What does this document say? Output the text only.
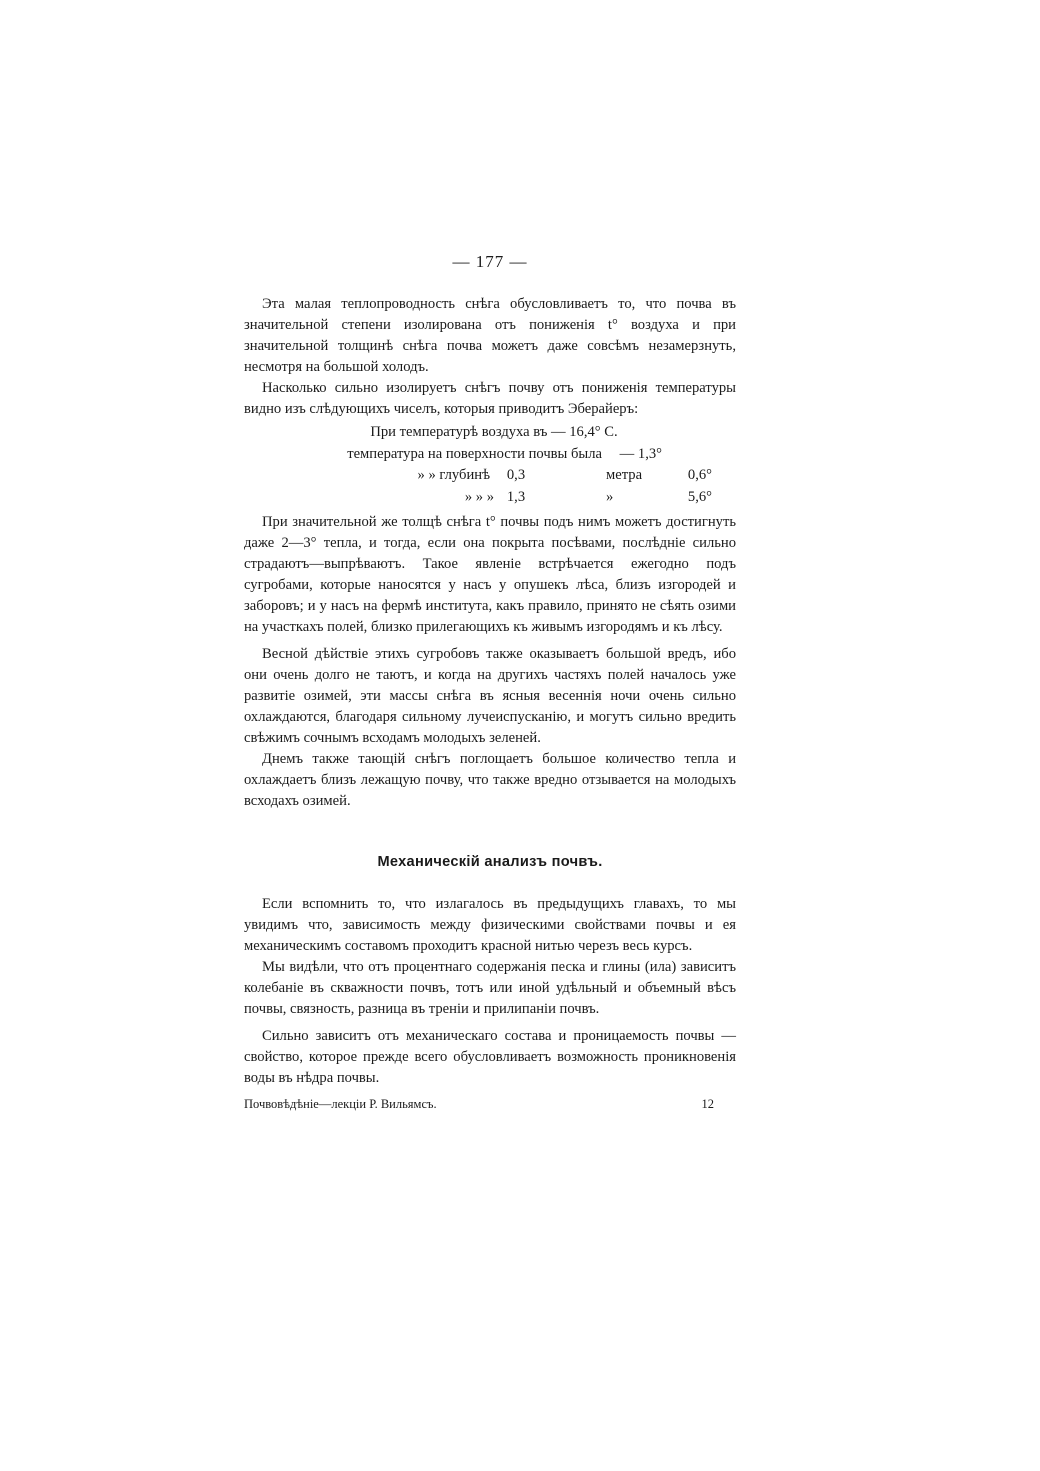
— 177 —

Эта малая теплопроводность снѣга обусловливаетъ то, что почва въ значительной степени изолирована отъ пониженія t° воздуха и при значительной толщинѣ снѣга почва можетъ даже совсѣмъ незамерзнуть, несмотря на большой холодъ.

Насколько сильно изолируетъ снѣгъ почву отъ пониженія температуры видно изъ слѣдующихъ чиселъ, которыя приводитъ Эберайеръ:

При температурѣ воздуха въ — 16,4° С.
температура на поверхности почвы была	— 1,3°
» » глубинѣ	0,3	метра	0,6°
» » » 1,3	»	5,6°

При значительной же толщѣ снѣга t° почвы подъ нимъ можетъ достигнуть даже 2—3° тепла, и тогда, если она покрыта посѣвами, послѣдніе сильно страдаютъ—выпрѣваютъ. Такое явленіе встрѣчается ежегодно подъ сугробами, которые наносятся у насъ у опушекъ лѣса, близъ изгородей и заборовъ; и у насъ на фермѣ института, какъ правило, принято не сѣять озими на участкахъ полей, близко прилегающихъ къ живымъ изгородямъ и къ лѣсу.

Весной дѣйствіе этихъ сугробовъ также оказываетъ большой вредъ, ибо они очень долго не таютъ, и когда на другихъ частяхъ полей началось уже развитіе озимей, эти массы снѣга въ ясныя весеннія ночи очень сильно охлаждаются, благодаря сильному лучеиспусканію, и могутъ сильно вредить свѣжимъ сочнымъ всходамъ молодыхъ зеленей.

Днемъ также тающій снѣгъ поглощаетъ большое количество тепла и охлаждаетъ близъ лежащую почву, что также вредно отзывается на молодыхъ всходахъ озимей.

Механическій анализъ почвъ.

Если вспомнить то, что излагалось въ предыдущихъ главахъ, то мы увидимъ что, зависимость между физическими свойствами почвы и ея механическимъ составомъ проходитъ красной нитью черезъ весь курсъ.

Мы видѣли, что отъ процентнаго содержанія песка и глины (ила) зависитъ колебаніе въ скважности почвъ, тотъ или иной удѣльный и объемный вѣсъ почвы, связность, разница въ треніи и прилипаніи почвъ.

Сильно зависитъ отъ механическаго состава и проницаемость почвы — свойство, которое прежде всего обусловливаетъ возможность проникновенія воды въ нѣдра почвы.

Почвовѣдѣніе—лекціи Р. Вильямсъ.	12
